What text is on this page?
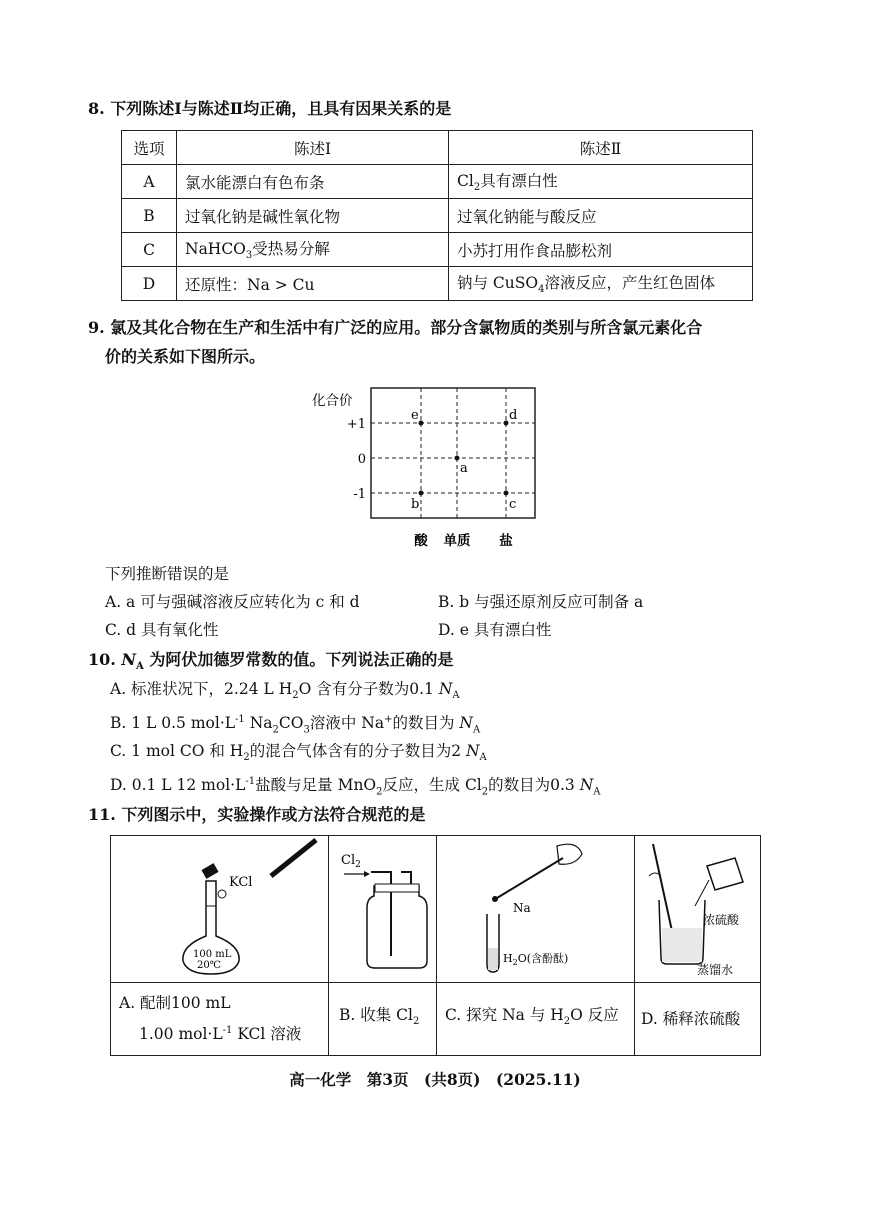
8. 下列陈述Ⅰ与陈述Ⅱ均正确，且具有因果关系的是
选项	陈述Ⅰ	陈述Ⅱ
A	氯水能漂白有色布条	$Cl_2$具有漂白性
B	过氧化钠是碱性氧化物	过氧化钠能与酸反应
C	NaHCO$_3$受热易分解	小苏打用作食品膨松剂
D	还原性：Na > Cu	钠与 CuSO$_4$溶液反应，产生红色固体
9. 氯及其化合物在生产和生活中有广泛的应用。部分含氯物质的类别与所含氯元素化合
价的关系如下图所示。
化合价
+1
0
-1
酸 单质 盐
e	d
a
b	c
下列推断错误的是
A. a 可与强碱溶液反应转化为 c 和 d	B. b 与强还原剂反应可制备 a
C. d 具有氧化性	D. e 具有漂白性
10. $N_A$ 为阿伏加德罗常数的值。下列说法正确的是
A. 标准状况下，2.24 L $H_2O$ 含有分子数为0.1 $N_A$
B. 1 L 0.5 $mol\cdot L^{-1}$ $Na_2CO_3$溶液中 Na+的数目为 $N_A$
C. 1 mol CO 和 $H_2$的混合气体含有的分子数目为2 $N_A$
D. 0.1 L 12 $mol\cdot L^{-1}$盐酸与足量 MnO$_2$反应，生成 $Cl_2$的数目为0.3 $N_A$
11. 下列图示中，实验操作或方法符合规范的是
KCl
100 mL
20℃	$Cl_2$	Na
$H_2O$(含酚酞)	浓硫酸
蒸馏水

A. 配制100 mL
1.00 $mol\cdot L^{-1}$ KCl 溶液	B. 收集 $Cl_2$	C. 探究 Na 与 $H_2O$ 反应	D. 稀释浓硫酸
高一化学　第3页　(共8页)　(2025.11)
